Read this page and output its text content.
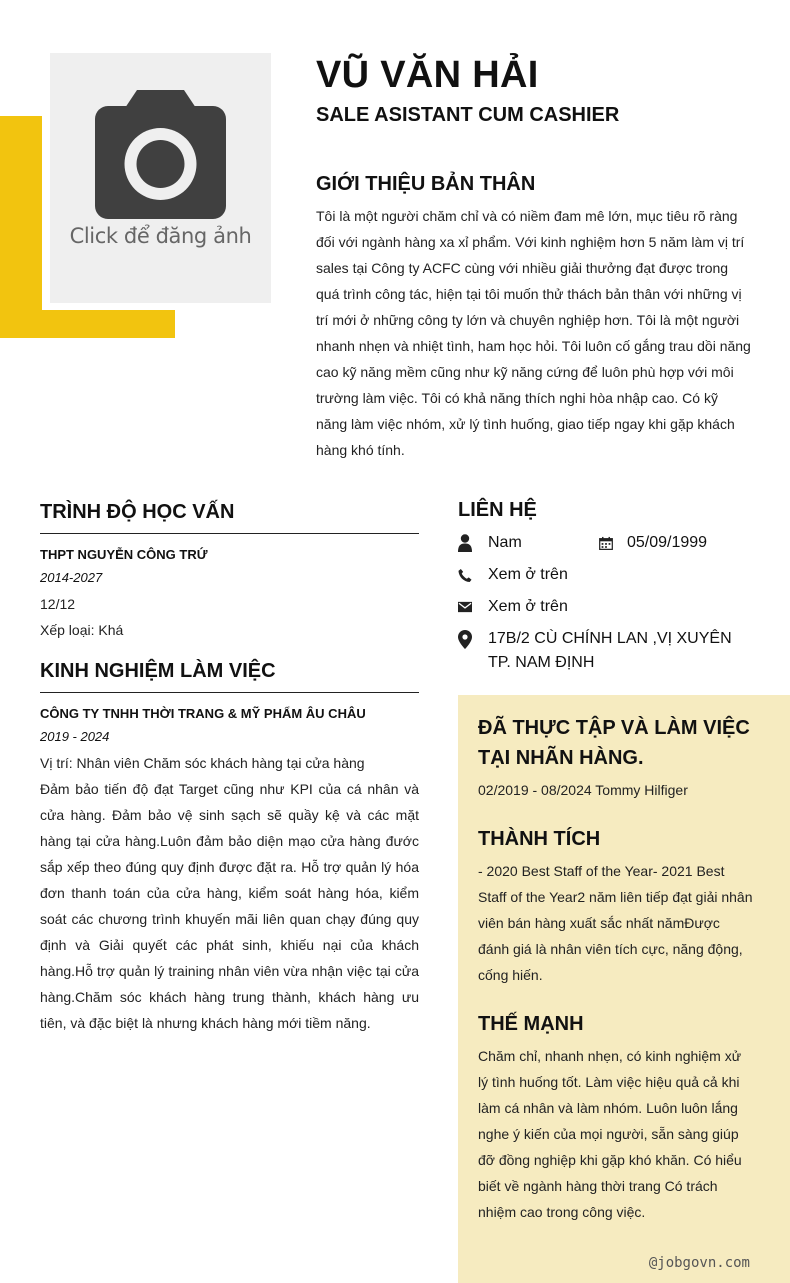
Click để đăng ảnh
VŨ VĂN HẢI
SALE ASISTANT CUM CASHIER
GIỚI THIỆU BẢN THÂN

Tôi là một người chăm chỉ và có niềm đam mê lớn, mục tiêu rõ ràng đối với ngành hàng xa xỉ phẩm. Với kinh nghiệm hơn 5 năm làm vị trí sales tại Công ty ACFC cùng với nhiều giải thưởng đạt được trong quá trình công tác, hiện tại tôi muốn thử thách bản thân với những vị trí mới ở những công ty lớn và chuyên nghiệp hơn. Tôi là một người nhanh nhẹn và nhiệt tình, ham học hỏi. Tôi luôn cố gắng trau dồi năng cao kỹ năng mềm cũng như kỹ năng cứng để luôn phù hợp với môi trường làm việc. Tôi có khả năng thích nghi hòa nhập cao. Có kỹ năng làm việc nhóm, xử lý tình huống, giao tiếp ngay khi gặp khách hàng khó tính.

TRÌNH ĐỘ HỌC VẤN
THPT NGUYỄN CÔNG TRỨ
2014-2027
12/12
Xếp loại: Khá
KINH NGHIỆM LÀM VIỆC
CÔNG TY TNHH THỜI TRANG & MỸ PHẨM ÂU CHÂU
2019 - 2024
Vị trí: Nhân viên Chăm sóc khách hàng tại cửa hàng
Đảm bảo tiến độ đạt Target cũng như KPI của cá nhân và cửa hàng. Đảm bảo vệ sinh sạch sẽ quầy kệ và các mặt hàng tại cửa hàng.Luôn đảm bảo diện mạo cửa hàng đước sắp xếp theo đúng quy định được đặt ra. Hỗ trợ quản lý hóa đơn thanh toán của cửa hàng, kiểm soát hàng hóa, kiểm soát các chương trình khuyến mãi liên quan chạy đúng quy định và Giải quyết các phát sinh, khiếu nại của khách hàng.Hỗ trợ quản lý training nhân viên vừa nhận việc tại cửa hàng.Chăm sóc khách hàng trung thành, khách hàng ưu tiên, và đặc biệt là nhưng khách hàng mới tiềm năng.
LIÊN HỆ
Nam	05/09/1999
Xem ở trên
Xem ở trên
17B/2 CÙ CHÍNH LAN ,VỊ XUYÊN TP. NAM ĐỊNH
ĐÃ THỰC TẬP VÀ LÀM VIỆC TẠI NHÃN HÀNG.
02/2019 - 08/2024 Tommy Hilfiger
THÀNH TÍCH
- 2020 Best Staff of the Year- 2021 Best Staff of the Year2 năm liên tiếp đạt giải nhân viên bán hàng xuất sắc nhất nămĐược đánh giá là nhân viên tích cực, năng động, cống hiến.
THẾ MẠNH
Chăm chỉ, nhanh nhẹn, có kinh nghiệm xử lý tình huống tốt. Làm việc hiệu quả cả khi làm cá nhân và làm nhóm. Luôn luôn lắng nghe ý kiến của mọi người, sẵn sàng giúp đỡ đồng nghiệp khi gặp khó khăn. Có hiểu biết về ngành hàng thời trang Có trách nhiệm cao trong công việc.
@jobgovn.com
